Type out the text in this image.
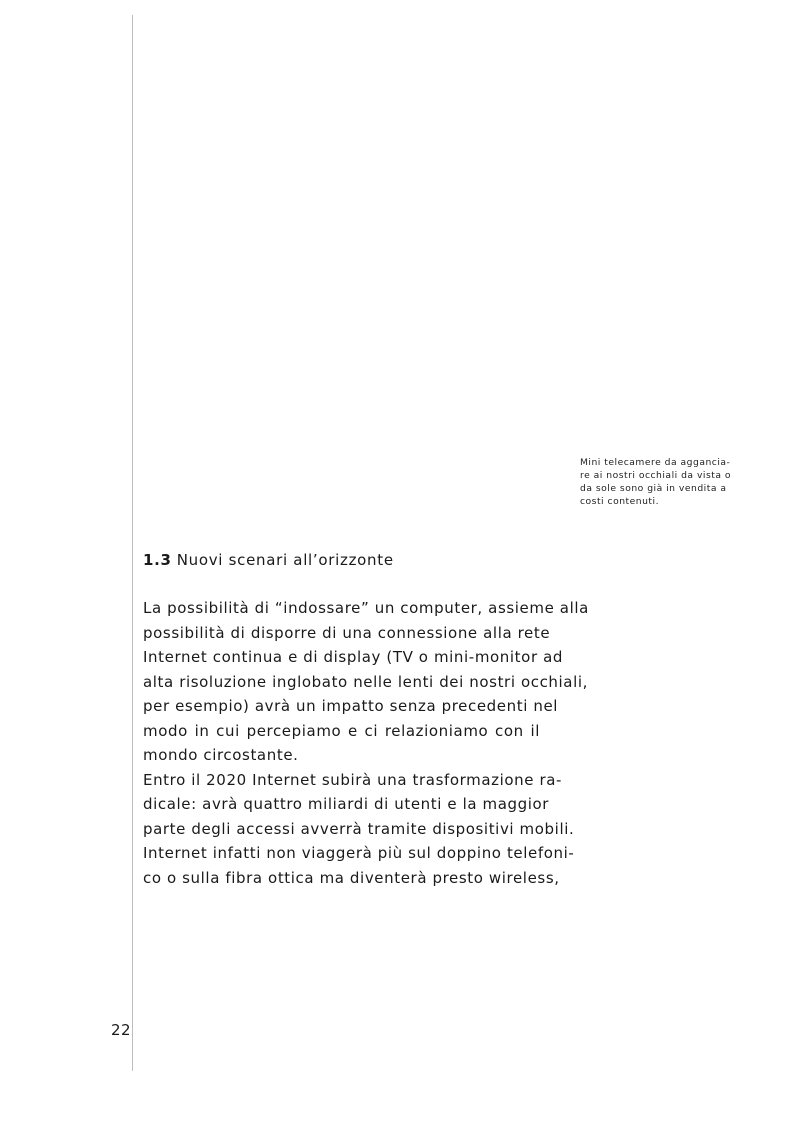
Mini telecamere da aggancia-
re ai nostri occhiali da vista o
da sole sono già in vendita a
costi contenuti.
1.3 Nuovi scenari all’orizzonte
La possibilità di “indossare” un computer, assieme alla
possibilità di disporre di una connessione alla rete
Internet continua e di display (TV o mini-monitor ad
alta risoluzione inglobato nelle lenti dei nostri occhiali,
per esempio) avrà un impatto senza precedenti nel
modo in cui percepiamo e ci relazioniamo con il
mondo circostante.
Entro il 2020 Internet subirà una trasformazione ra-
dicale: avrà quattro miliardi di utenti e la maggior
parte degli accessi avverrà tramite dispositivi mobili.
Internet infatti non viaggerà più sul doppino telefoni-
co o sulla fibra ottica ma diventerà presto wireless,
22
